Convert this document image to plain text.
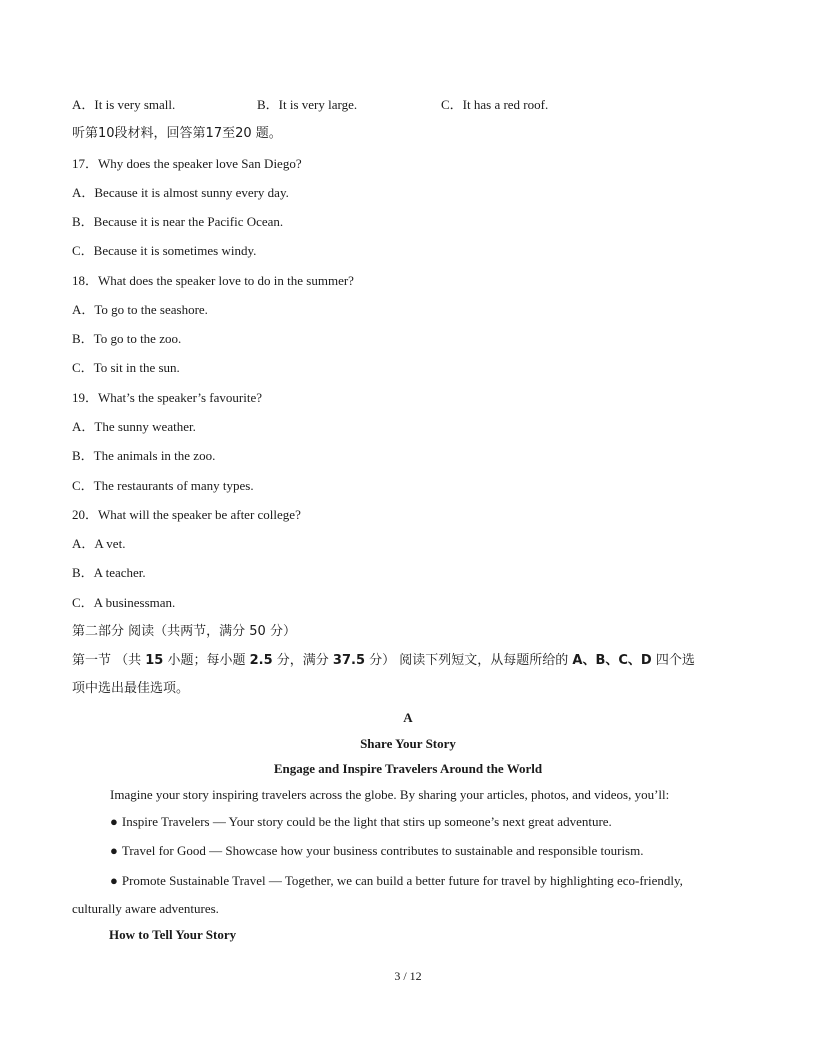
A．It is very small.	B．It is very large.	C．It has a red roof.
听第10段材料，回答第17至20 题。
17．Why does the speaker love San Diego?
A．Because it is almost sunny every day.
B．Because it is near the Pacific Ocean.
C．Because it is sometimes windy.
18．What does the speaker love to do in the summer?
A．To go to the seashore.
B．To go to the zoo.
C．To sit in the sun.
19．What’s the speaker’s favourite?
A．The sunny weather.
B．The animals in the zoo.
C．The restaurants of many types.
20．What will the speaker be after college?
A．A vet.
B．A teacher.
C．A businessman.
第二部分 阅读（共两节，满分 50 分）
第一节 （共 15 小题；每小题 2.5 分，满分 37.5 分） 阅读下列短文，从每题所给的 A、B、C、D 四个选
项中选出最佳选项。
A
Share Your Story
Engage and Inspire Travelers Around the World
Imagine your story inspiring travelers across the globe. By sharing your articles, photos, and videos, you’ll:
● Inspire Travelers — Your story could be the light that stirs up someone’s next great adventure.
● Travel for Good — Showcase how your business contributes to sustainable and responsible tourism.
● Promote Sustainable Travel — Together, we can build a better future for travel by highlighting eco-friendly,
culturally aware adventures.
How to Tell Your Story
3 / 12
